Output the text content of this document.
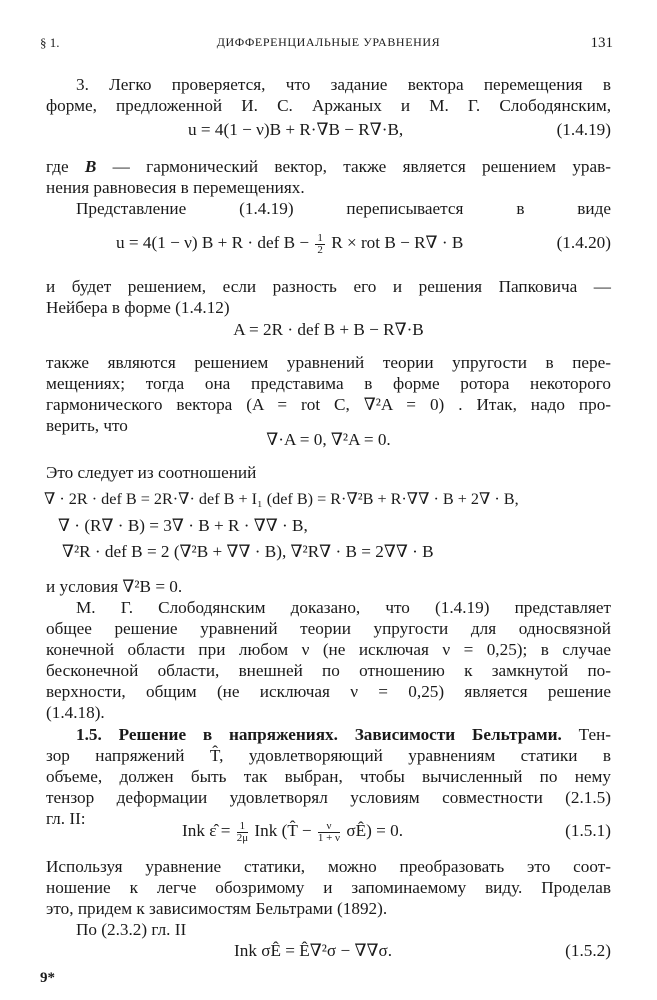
§ 1.	ДИФФЕРЕНЦИАЛЬНЫЕ УРАВНЕНИЯ	131
3. Легко проверяется, что задание вектора перемещения в
форме, предложенной И. С. Аржаных и М. Г. Слободянским,
u = 4(1 − ν)B + R·∇B − R∇·B,	(1.4.19)
где B — гармонический вектор, также является решением урав-
нения равновесия в перемещениях.
Представление (1.4.19) переписывается в виде
u = 4(1 − ν) B + R · def $B - \frac{1}{2}$ R × rot B − R∇ · B	(1.4.20)
и будет решением, если разность его и решения Папковича —
Нейбера в форме (1.4.12)
A = 2R · def B + B − R∇·B
также являются решением уравнений теории упругости в пере-
мещениях; тогда она представима в форме ротора некоторого
гармонического вектора (A = rot C, ∇²A = 0) . Итак, надо про-
верить, что
∇·A = 0, ∇²A = 0.
Это следует из соотношений
∇ · 2R · def B = 2R·∇· def B + I₁ (def B) = R·∇²B + R·∇∇ · B + 2∇ · B,
∇ · (R∇ · B) = 3∇ · B + R · ∇∇ · B,
∇²R · def B = 2 (∇²B + ∇∇ · B), ∇²R∇ · B = 2∇∇ · B
и условия ∇²B = 0.
М. Г. Слободянским доказано, что (1.4.19) представляет
общее решение уравнений теории упругости для односвязной
конечной области при любом ν (не исключая ν = 0,25); в случае
бесконечной области, внешней по отношению к замкнутой по-
верхности, общим (не исключая ν = 0,25) является решение
(1.4.18).
1.5. Решение в напряжениях. Зависимости Бельтрами. Тен-
зор напряжений T̂, удовлетворяющий уравнениям статики в
объеме, должен быть так выбран, чтобы вычисленный по нему
тензор деформации удовлетворял условиям совместности (2.1.5)
гл. II:
Ink ε̂ = $\frac{1}{2\mu}$ Ink (T̂ − $\frac{\nu}{1 + \nu}$ σÊ) = 0.	(1.5.1)
Используя уравнение статики, можно преобразовать это соот-
ношение к легче обозримому и запоминаемому виду. Проделав
это, придем к зависимостям Бельтрами (1892).
По (2.3.2) гл. II
Ink σÊ = Ê∇²σ − ∇∇σ.	(1.5.2)
9*
